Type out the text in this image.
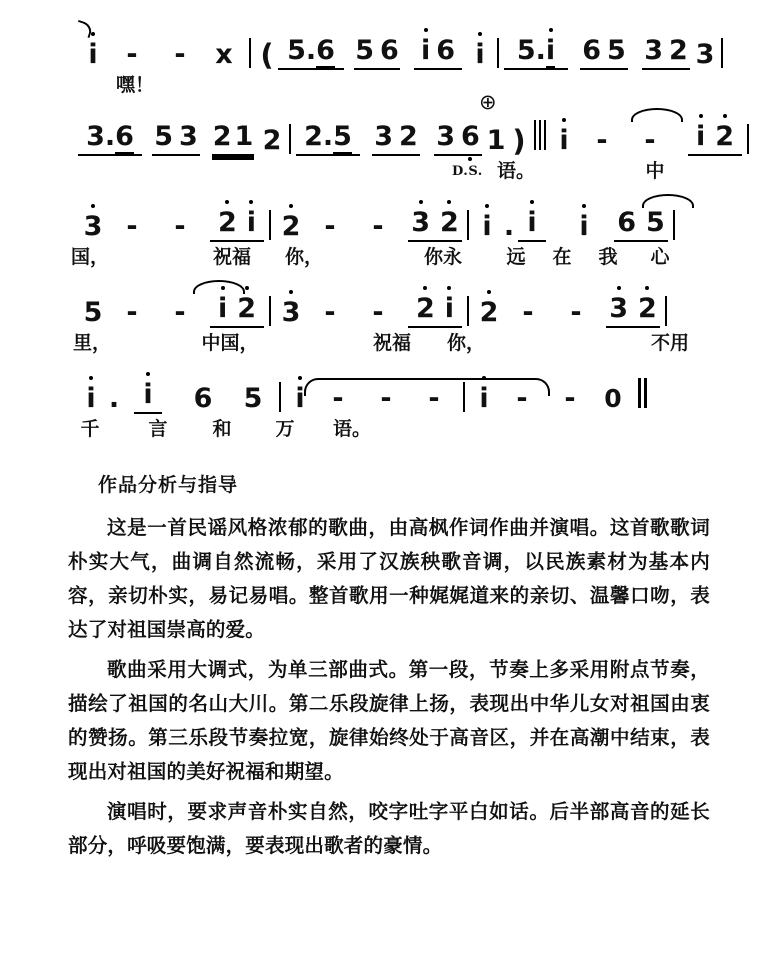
i	-	-	x ( 5.6 5 6 i 6 i	5.i	6 5 3 2 3
嘿！
3.6 5 3 2 1 2 2.5 3 2 3 6 1 )	i	-	-	i 2
⊕
D.S. 语。	中
3 -	-	2 i 2 -	-	3 2 i . i	i	6 5
国，	祝福 你，	你永 远 在 我 心
5 -	-	i 2 3 -	-	2 i 2 -	-	3 2
里，	中国，	祝福 你，	不用
i . i	6	5	i	-	-	-	i	-	-	0
千	言 和 万 语。
作品分析与指导

这是一首民谣风格浓郁的歌曲，由高枫作词作曲并演唱。这首歌歌词朴实大气，曲调自然流畅，采用了汉族秧歌音调，以民族素材为基本内容，亲切朴实，易记易唱。整首歌用一种娓娓道来的亲切、温馨口吻，表达了对祖国崇高的爱。

歌曲采用大调式，为单三部曲式。第一段，节奏上多采用附点节奏，描绘了祖国的名山大川。第二乐段旋律上扬，表现出中华儿女对祖国由衷的赞扬。第三乐段节奏拉宽，旋律始终处于高音区，并在高潮中结束，表现出对祖国的美好祝福和期望。

演唱时，要求声音朴实自然，咬字吐字平白如话。后半部高音的延长部分，呼吸要饱满，要表现出歌者的豪情。
